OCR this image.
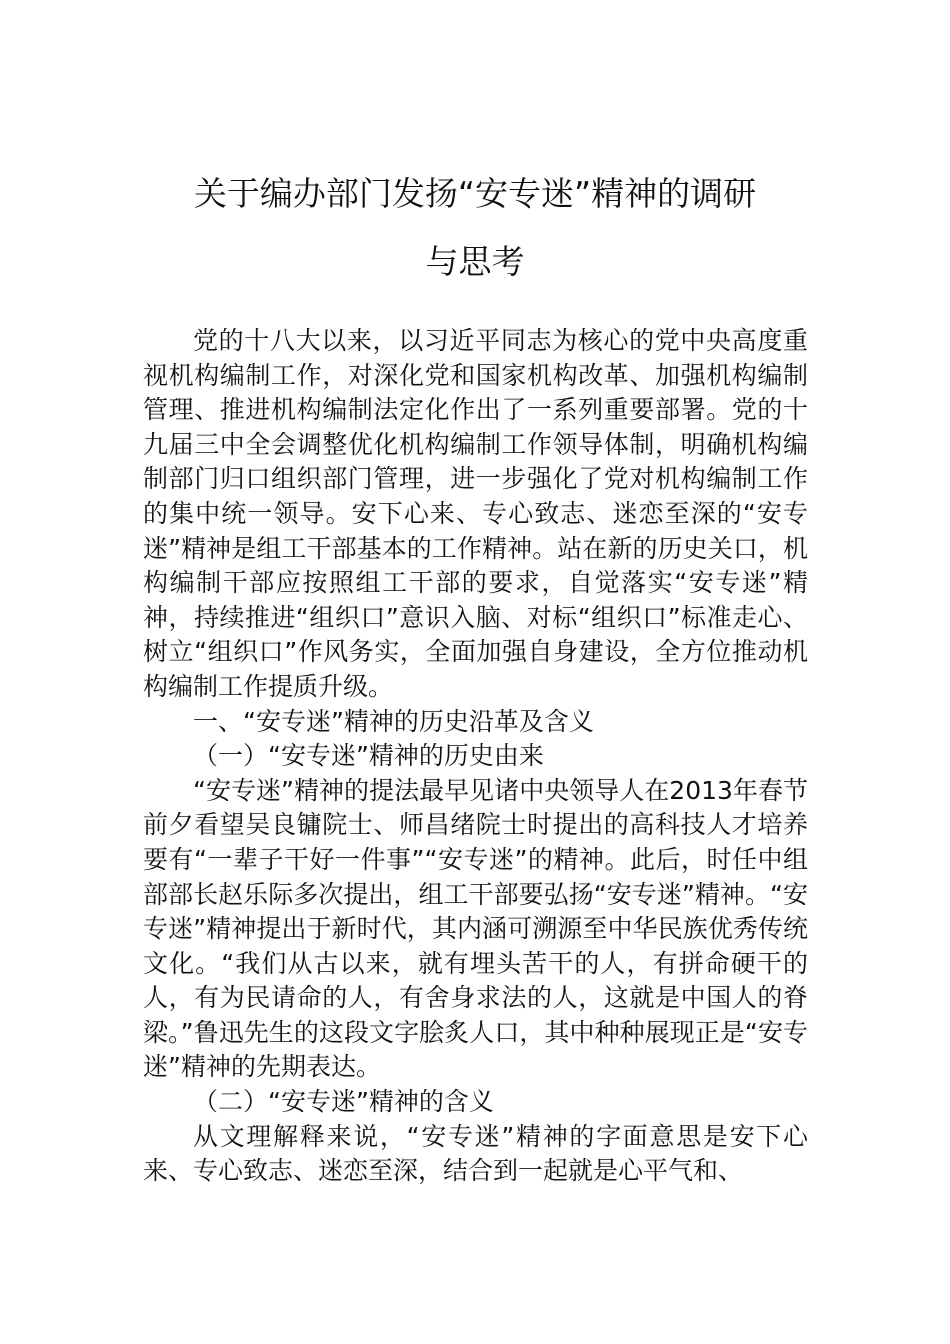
关于编办部门发扬“安专迷”精神的调研
与思考

党的十八大以来，以习近平同志为核心的党中央高度重视机构编制工作，对深化党和国家机构改革、加强机构编制管理、推进机构编制法定化作出了一系列重要部署。党的十九届三中全会调整优化机构编制工作领导体制，明确机构编制部门归口组织部门管理，进一步强化了党对机构编制工作的集中统一领导。安下心来、专心致志、迷恋至深的“安专迷”精神是组工干部基本的工作精神。站在新的历史关口，机构编制干部应按照组工干部的要求，自觉落实“安专迷”精神，持续推进“组织口”意识入脑、对标“组织口”标准走心、树立“组织口”作风务实，全面加强自身建设，全方位推动机构编制工作提质升级。

一、“安专迷”精神的历史沿革及含义

（一）“安专迷”精神的历史由来

“安专迷”精神的提法最早见诸中央领导人在2013年春节前夕看望吴良镛院士、师昌绪院士时提出的高科技人才培养要有“一辈子干好一件事”“安专迷”的精神。此后，时任中组部部长赵乐际多次提出，组工干部要弘扬“安专迷”精神。“安专迷”精神提出于新时代，其内涵可溯源至中华民族优秀传统文化。“我们从古以来，就有埋头苦干的人，有拼命硬干的人，有为民请命的人，有舍身求法的人，这就是中国人的脊梁。”鲁迅先生的这段文字脍炙人口，其中种种展现正是“安专迷”精神的先期表达。

（二）“安专迷”精神的含义

从文理解释来说，“安专迷”精神的字面意思是安下心来、专心致志、迷恋至深，结合到一起就是心平气和、
